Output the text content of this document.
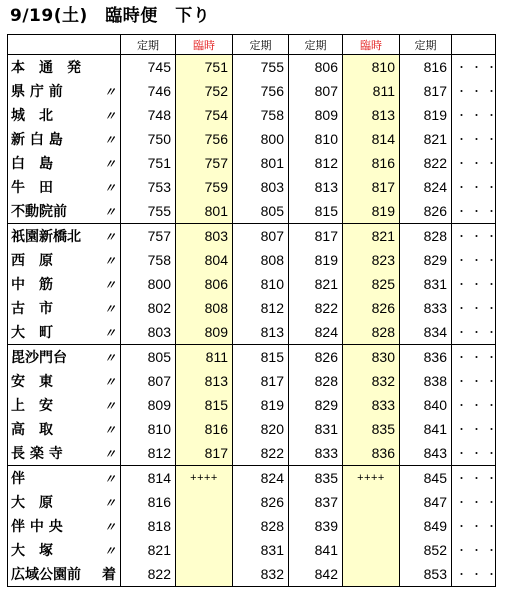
9/19(土)　臨時便　下り
	定期	臨時	定期	定期	臨時	定期	

本　通　発	745	751	755	806	810	816	・・・

県 庁 前 〃	746	752	756	807	811	817	・・・

城　北 〃	748	754	758	809	813	819	・・・

新 白 島 〃	750	756	800	810	814	821	・・・

白　島 〃	751	757	801	812	816	822	・・・

牛　田 〃	753	759	803	813	817	824	・・・

不動院前 〃	755	801	805	815	819	826	・・・

祇園新橋北 〃	757	803	807	817	821	828	・・・

西　原 〃	758	804	808	819	823	829	・・・

中　筋 〃	800	806	810	821	825	831	・・・

古　市 〃	802	808	812	822	826	833	・・・

大　町 〃	803	809	813	824	828	834	・・・

毘沙門台 〃	805	811	815	826	830	836	・・・

安　東 〃	807	813	817	828	832	838	・・・

上　安 〃	809	815	819	829	833	840	・・・

高　取 〃	810	816	820	831	835	841	・・・

長 楽 寺 〃	812	817	822	833	836	843	・・・

伴 〃	814	++++	824	835	++++	845	・・・

大　原 〃	816		826	837		847	・・・

伴 中 央 〃	818		828	839		849	・・・

大　塚 〃	821		831	841		852	・・・

広域公園前 着	822		832	842		853	・・・
